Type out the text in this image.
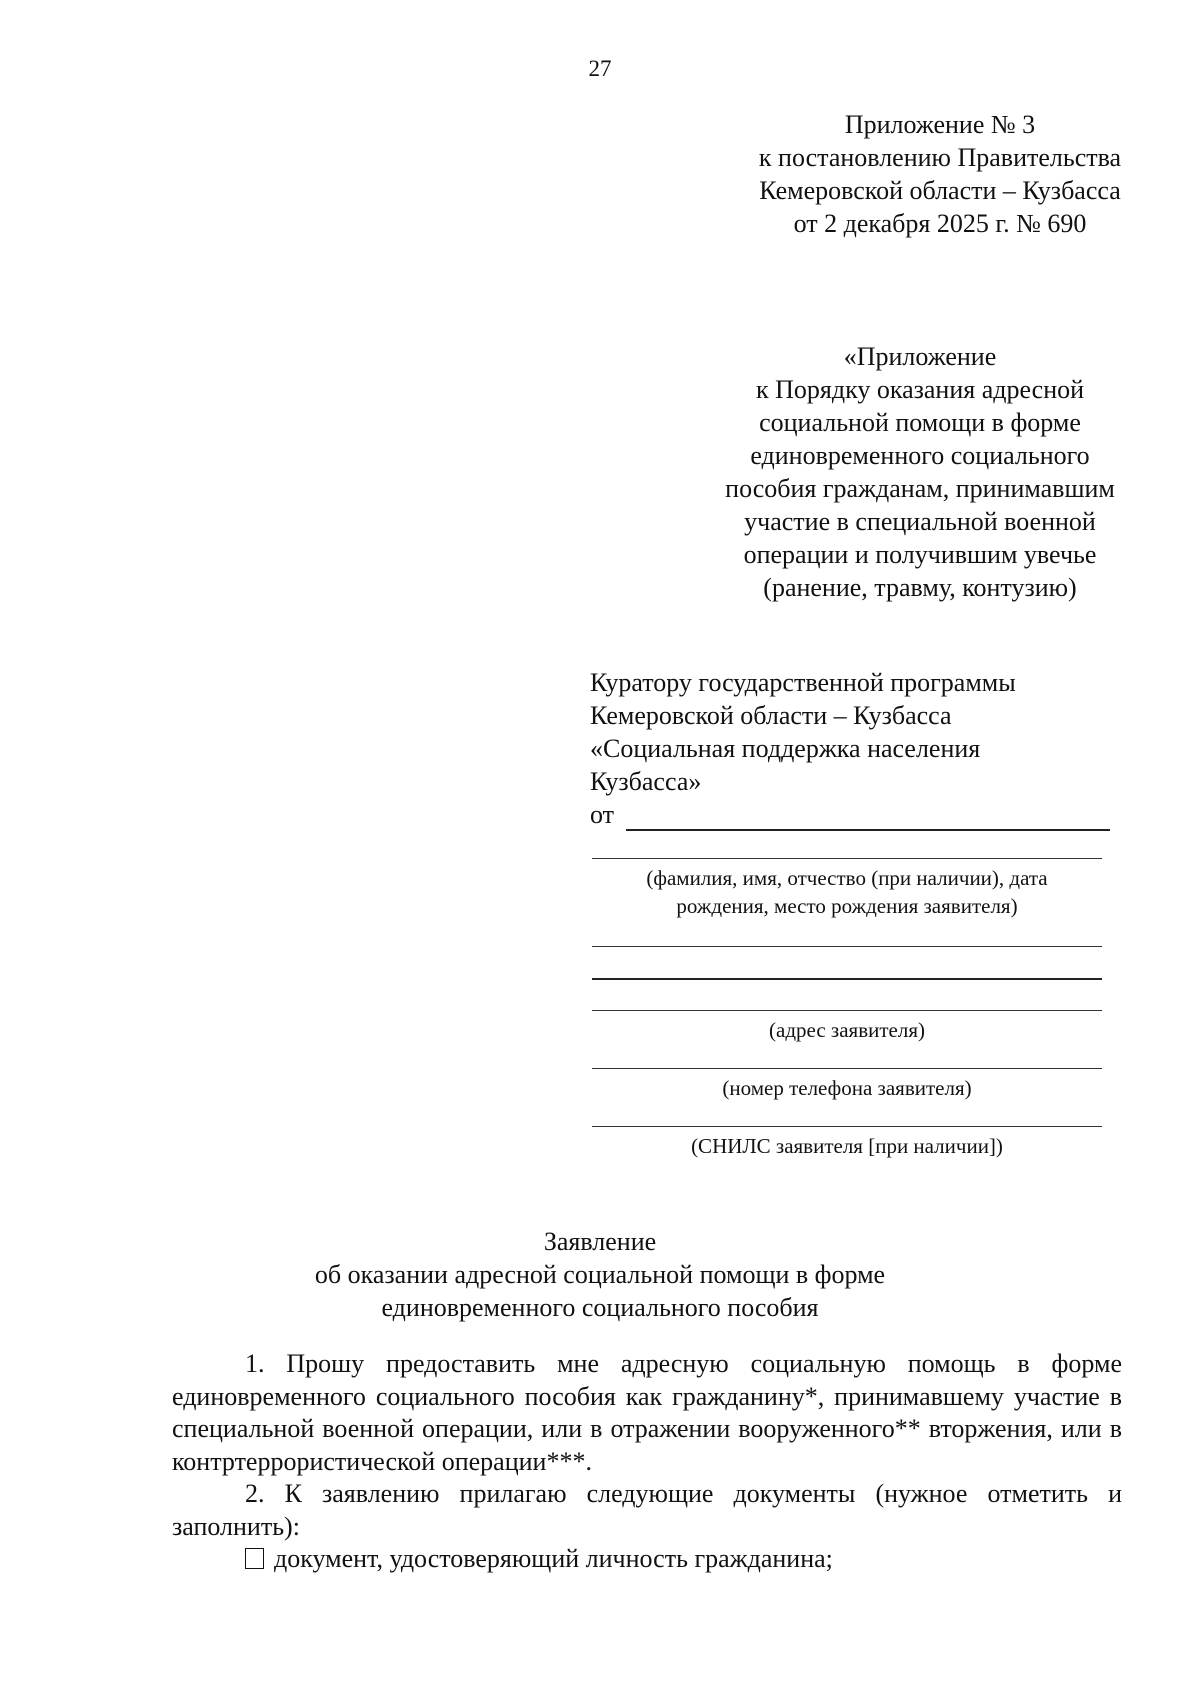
27
Приложение № 3
к постановлению Правительства
Кемеровской области – Кузбасса
от 2 декабря 2025 г. № 690
«Приложение
к Порядку оказания адресной
социальной помощи в форме
единовременного социального
пособия гражданам, принимавшим
участие в специальной военной
операции и получившим увечье
(ранение, травму, контузию)
Куратору государственной программы
Кемеровской области – Кузбасса
«Социальная поддержка населения
Кузбасса»
от
(фамилия, имя, отчество (при наличии), дата
рождения, место рождения заявителя)
(адрес заявителя)
(номер телефона заявителя)
(СНИЛС заявителя [при наличии])
Заявление
об оказании адресной социальной помощи в форме
единовременного социального пособия

1. Прошу предоставить мне адресную социальную помощь в форме единовременного социального пособия как гражданину*, принимавшему участие в специальной военной операции, или в отражении вооруженного** вторжения, или в контртеррористической операции***.

2. К заявлению прилагаю следующие документы (нужное отметить и заполнить):

документ, удостоверяющий личность гражданина;
